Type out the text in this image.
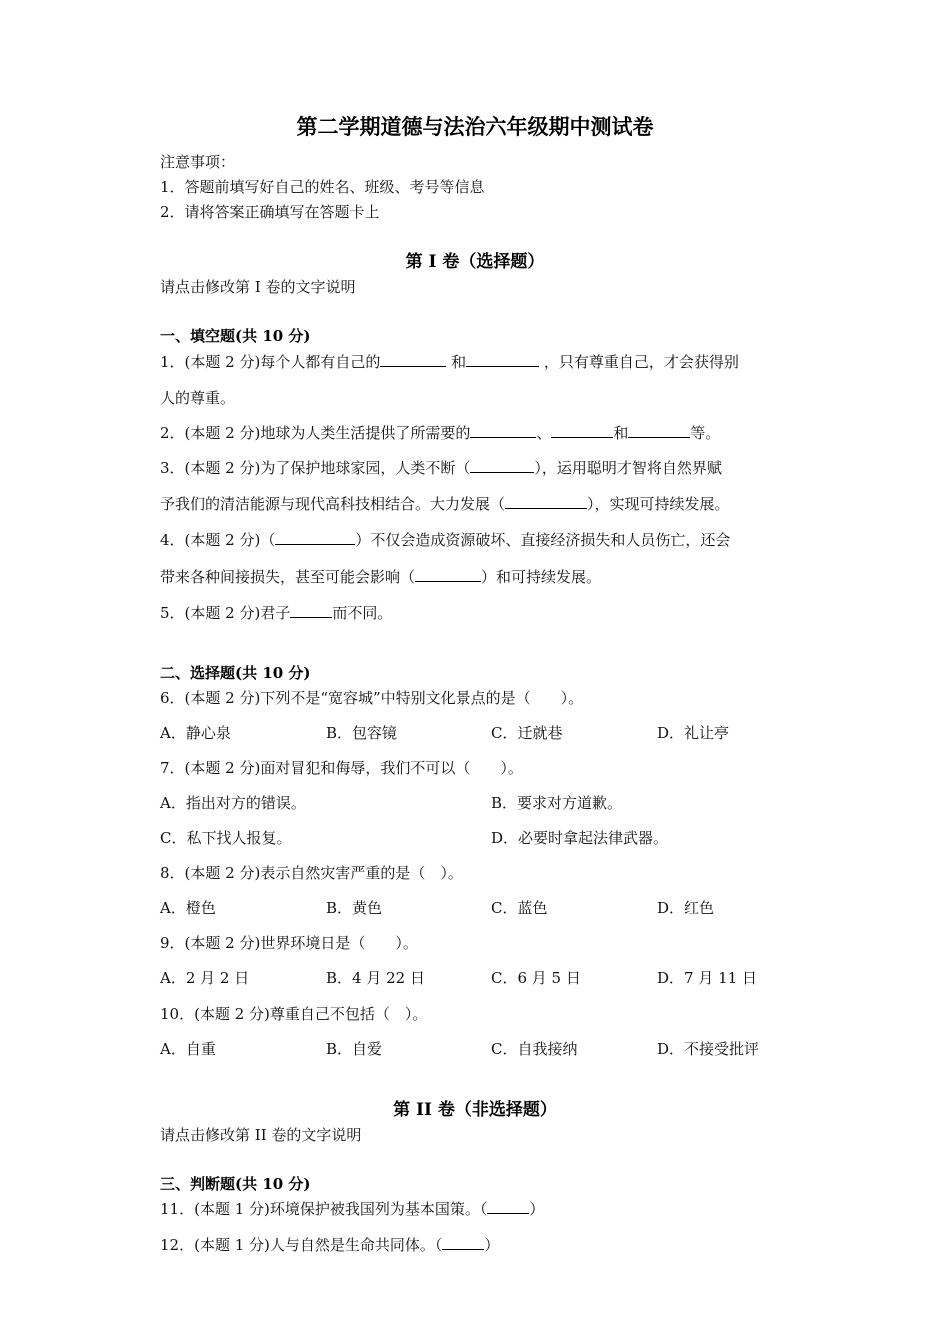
第二学期道德与法治六年级期中测试卷
注意事项：
1．答题前填写好自己的姓名、班级、考号等信息
2．请将答案正确填写在答题卡上
第 I 卷（选择题）
请点击修改第 I 卷的文字说明
一、填空题(共 10 分)
1．(本题 2 分)每个人都有自己的	和	，只有尊重自己，才会获得别
人的尊重。
2．(本题 2 分)地球为人类生活提供了所需要的	、	和	等。
3．(本题 2 分)为了保护地球家园，人类不断（	），运用聪明才智将自然界赋
予我们的清洁能源与现代高科技相结合。大力发展（	），实现可持续发展。
4．(本题 2 分)（	）不仅会造成资源破坏、直接经济损失和人员伤亡，还会
带来各种间接损失，甚至可能会影响（	）和可持续发展。
5．(本题 2 分)君子	而不同。
二、选择题(共 10 分)
6．(本题 2 分)下列不是“宽容城”中特别文化景点的是（　　）。
A．静心泉	B．包容镜	C．迁就巷	D．礼让亭
7．(本题 2 分)面对冒犯和侮辱，我们不可以（　　）。
A．指出对方的错误。	B．要求对方道歉。
C．私下找人报复。	D．必要时拿起法律武器。
8．(本题 2 分)表示自然灾害严重的是（　）。
A．橙色	B．黄色	C．蓝色	D．红色
9．(本题 2 分)世界环境日是（　　）。
A．2 月 2 日	B．4 月 22 日	C．6 月 5 日	D．7 月 11 日
10．(本题 2 分)尊重自己不包括（　）。
A．自重	B．自爱	C．自我接纳	D．不接受批评
第 II 卷（非选择题）
请点击修改第 II 卷的文字说明
三、判断题(共 10 分)
11．(本题 1 分)环境保护被我国列为基本国策。（	）
12．(本题 1 分)人与自然是生命共同体。（	）
